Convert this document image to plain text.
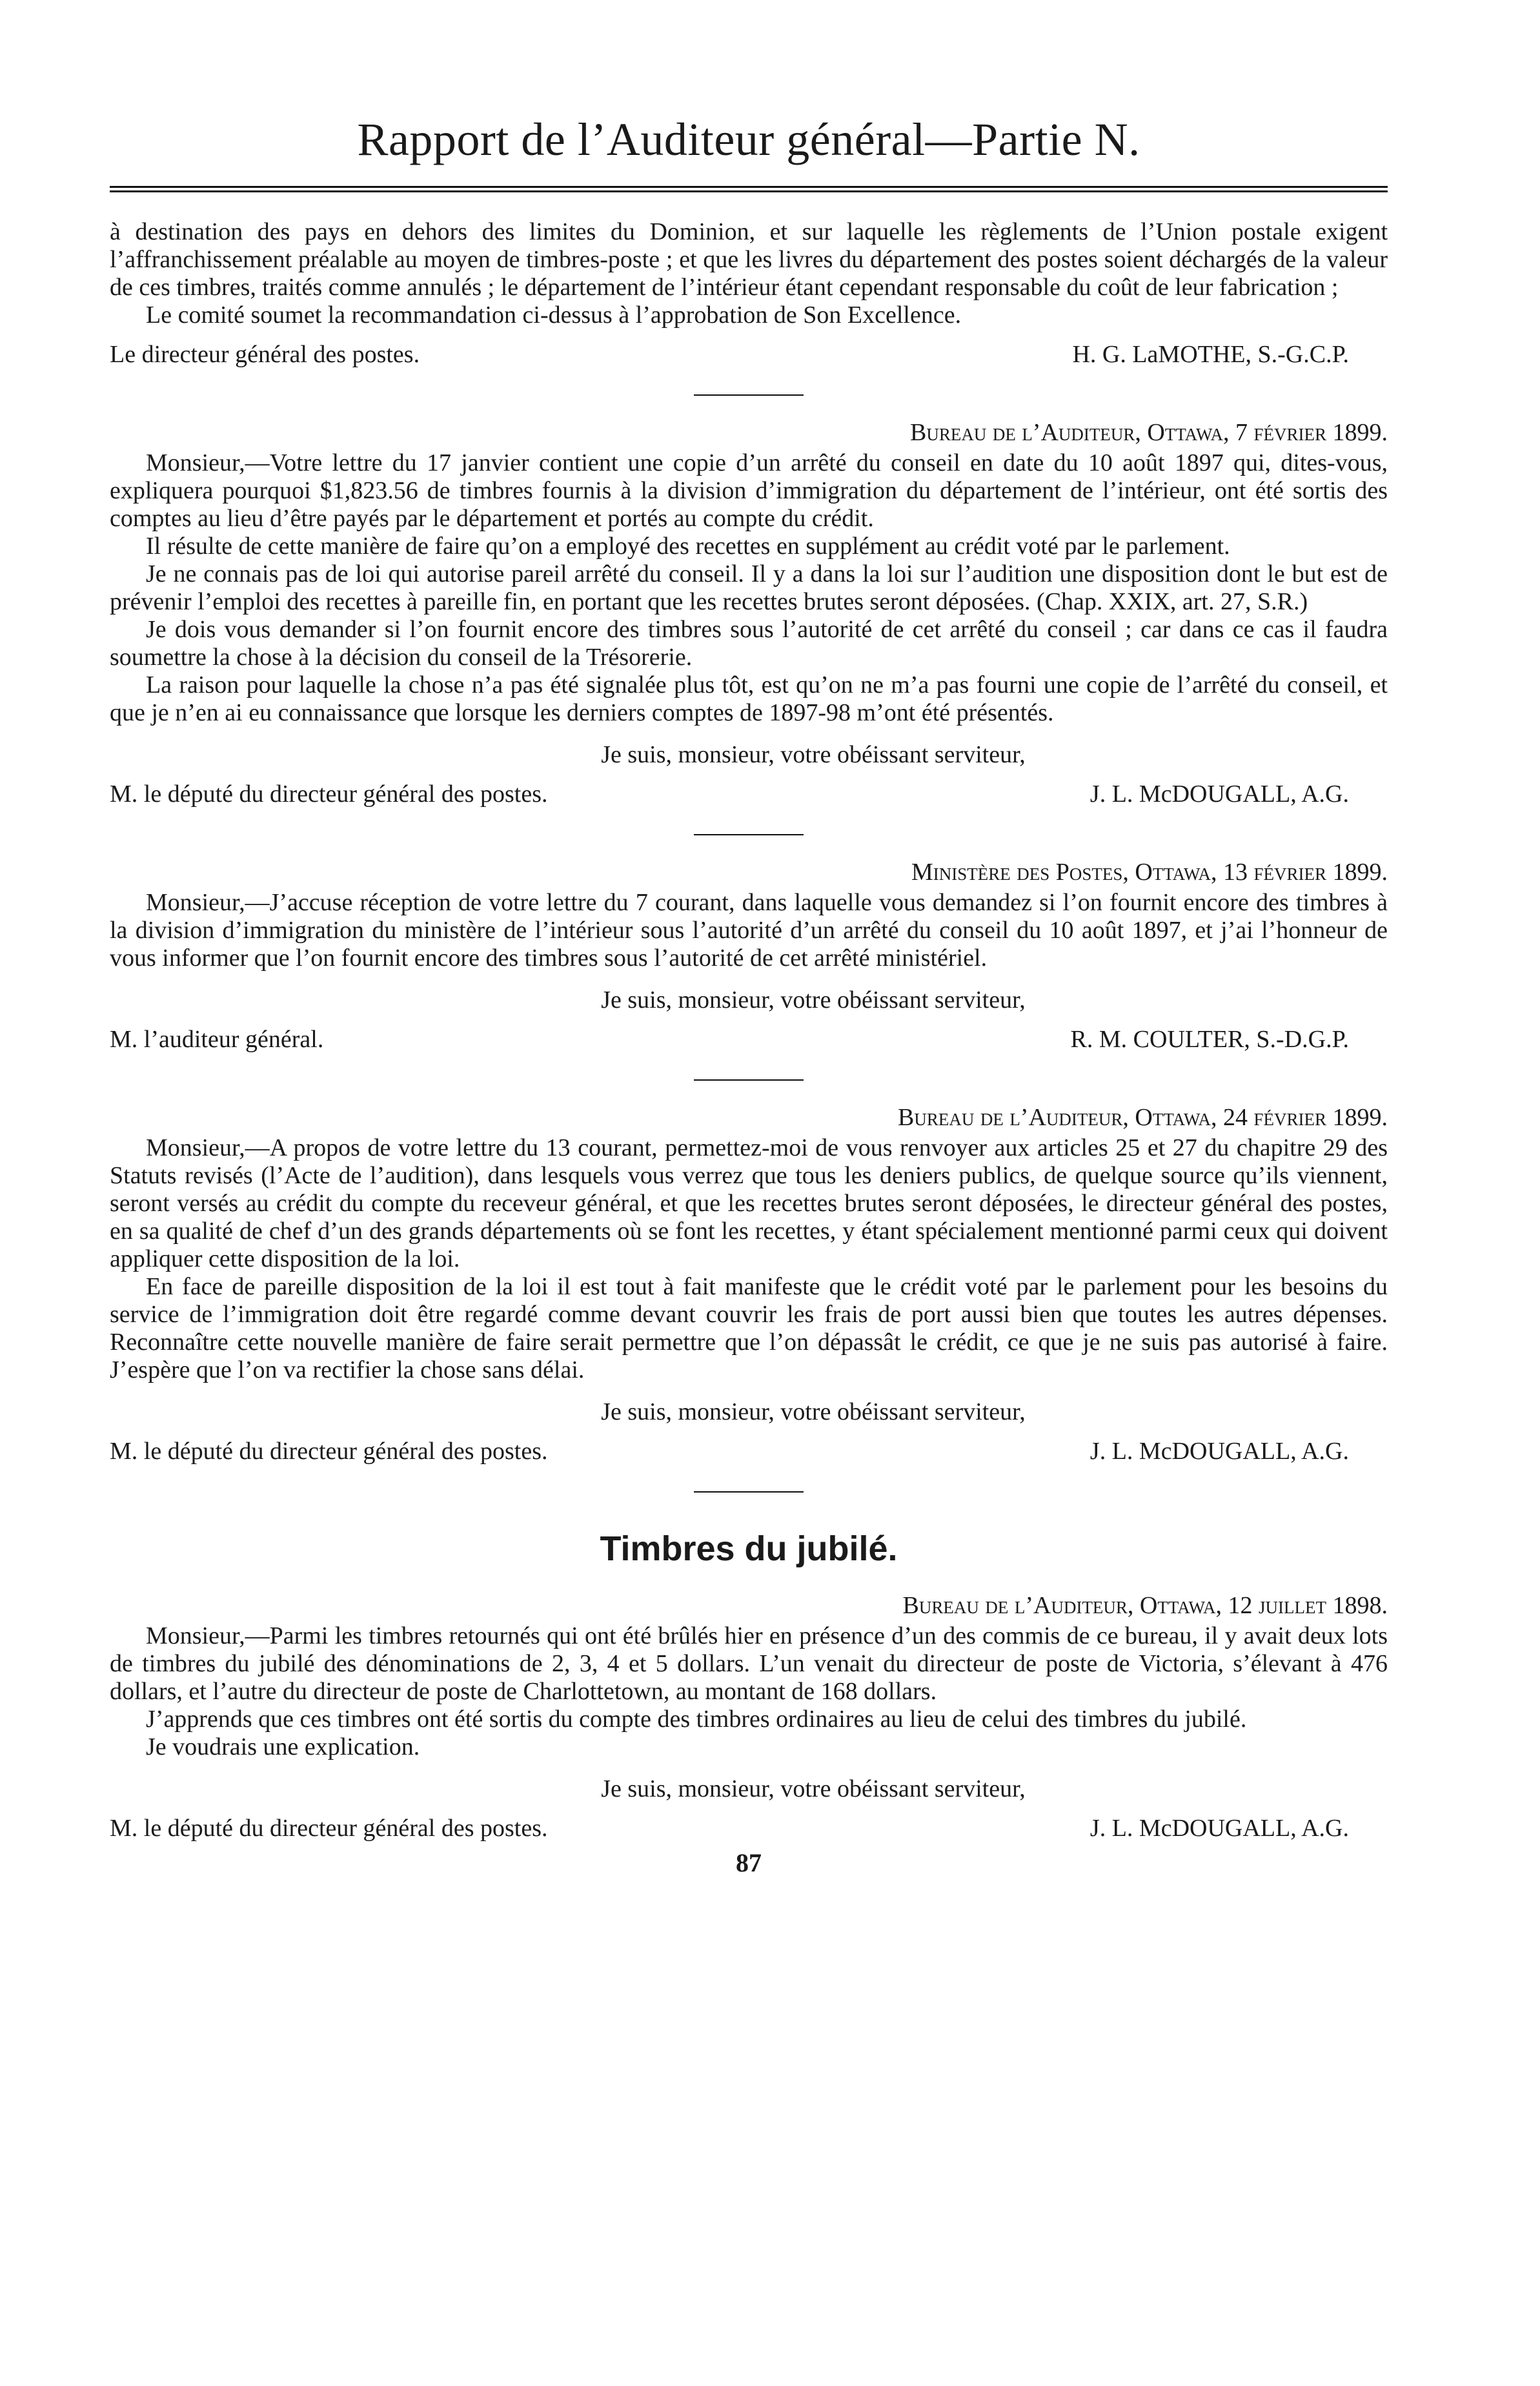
Rapport de l’Auditeur général—Partie N.

à destination des pays en dehors des limites du Dominion, et sur laquelle les règlements de l’Union postale exigent l’affranchissement préalable au moyen de timbres-poste ; et que les livres du département des postes soient déchargés de la valeur de ces timbres, traités comme annulés ; le département de l’intérieur étant cependant responsable du coût de leur fabrication ;

Le comité soumet la recommandation ci-dessus à l’approbation de Son Excellence.

Le directeur général des postes.	H. G. LaMOTHE, S.-G.C.P.
Bureau de l’Auditeur, Ottawa, 7 février 1899.

Monsieur,—Votre lettre du 17 janvier contient une copie d’un arrêté du conseil en date du 10 août 1897 qui, dites-vous, expliquera pourquoi $1,823.56 de timbres fournis à la division d’immigration du département de l’intérieur, ont été sortis des comptes au lieu d’être payés par le département et portés au compte du crédit.

Il résulte de cette manière de faire qu’on a employé des recettes en supplément au crédit voté par le parlement.

Je ne connais pas de loi qui autorise pareil arrêté du conseil. Il y a dans la loi sur l’audition une disposition dont le but est de prévenir l’emploi des recettes à pareille fin, en portant que les recettes brutes seront déposées. (Chap. XXIX, art. 27, S.R.)

Je dois vous demander si l’on fournit encore des timbres sous l’autorité de cet arrêté du conseil ; car dans ce cas il faudra soumettre la chose à la décision du conseil de la Trésorerie.

La raison pour laquelle la chose n’a pas été signalée plus tôt, est qu’on ne m’a pas fourni une copie de l’arrêté du conseil, et que je n’en ai eu connaissance que lorsque les derniers comptes de 1897-98 m’ont été présentés.

Je suis, monsieur, votre obéissant serviteur,
M. le député du directeur général des postes.	J. L. McDOUGALL, A.G.
Ministère des Postes, Ottawa, 13 février 1899.

Monsieur,—J’accuse réception de votre lettre du 7 courant, dans laquelle vous demandez si l’on fournit encore des timbres à la division d’immigration du ministère de l’intérieur sous l’autorité d’un arrêté du conseil du 10 août 1897, et j’ai l’honneur de vous informer que l’on fournit encore des timbres sous l’autorité de cet arrêté ministériel.

Je suis, monsieur, votre obéissant serviteur,
M. l’auditeur général.	R. M. COULTER, S.-D.G.P.
Bureau de l’Auditeur, Ottawa, 24 février 1899.

Monsieur,—A propos de votre lettre du 13 courant, permettez-moi de vous renvoyer aux articles 25 et 27 du chapitre 29 des Statuts revisés (l’Acte de l’audition), dans lesquels vous verrez que tous les deniers publics, de quelque source qu’ils viennent, seront versés au crédit du compte du receveur général, et que les recettes brutes seront déposées, le directeur général des postes, en sa qualité de chef d’un des grands départements où se font les recettes, y étant spécialement mentionné parmi ceux qui doivent appliquer cette disposition de la loi.

En face de pareille disposition de la loi il est tout à fait manifeste que le crédit voté par le parlement pour les besoins du service de l’immigration doit être regardé comme devant couvrir les frais de port aussi bien que toutes les autres dépenses. Reconnaître cette nouvelle manière de faire serait permettre que l’on dépassât le crédit, ce que je ne suis pas autorisé à faire. J’espère que l’on va rectifier la chose sans délai.

Je suis, monsieur, votre obéissant serviteur,
M. le député du directeur général des postes.	J. L. McDOUGALL, A.G.
Timbres du jubilé.
Bureau de l’Auditeur, Ottawa, 12 juillet 1898.

Monsieur,—Parmi les timbres retournés qui ont été brûlés hier en présence d’un des commis de ce bureau, il y avait deux lots de timbres du jubilé des dénominations de 2, 3, 4 et 5 dollars. L’un venait du directeur de poste de Victoria, s’élevant à 476 dollars, et l’autre du directeur de poste de Charlottetown, au montant de 168 dollars.

J’apprends que ces timbres ont été sortis du compte des timbres ordinaires au lieu de celui des timbres du jubilé.

Je voudrais une explication.

Je suis, monsieur, votre obéissant serviteur,
M. le député du directeur général des postes.	J. L. McDOUGALL, A.G.
87
